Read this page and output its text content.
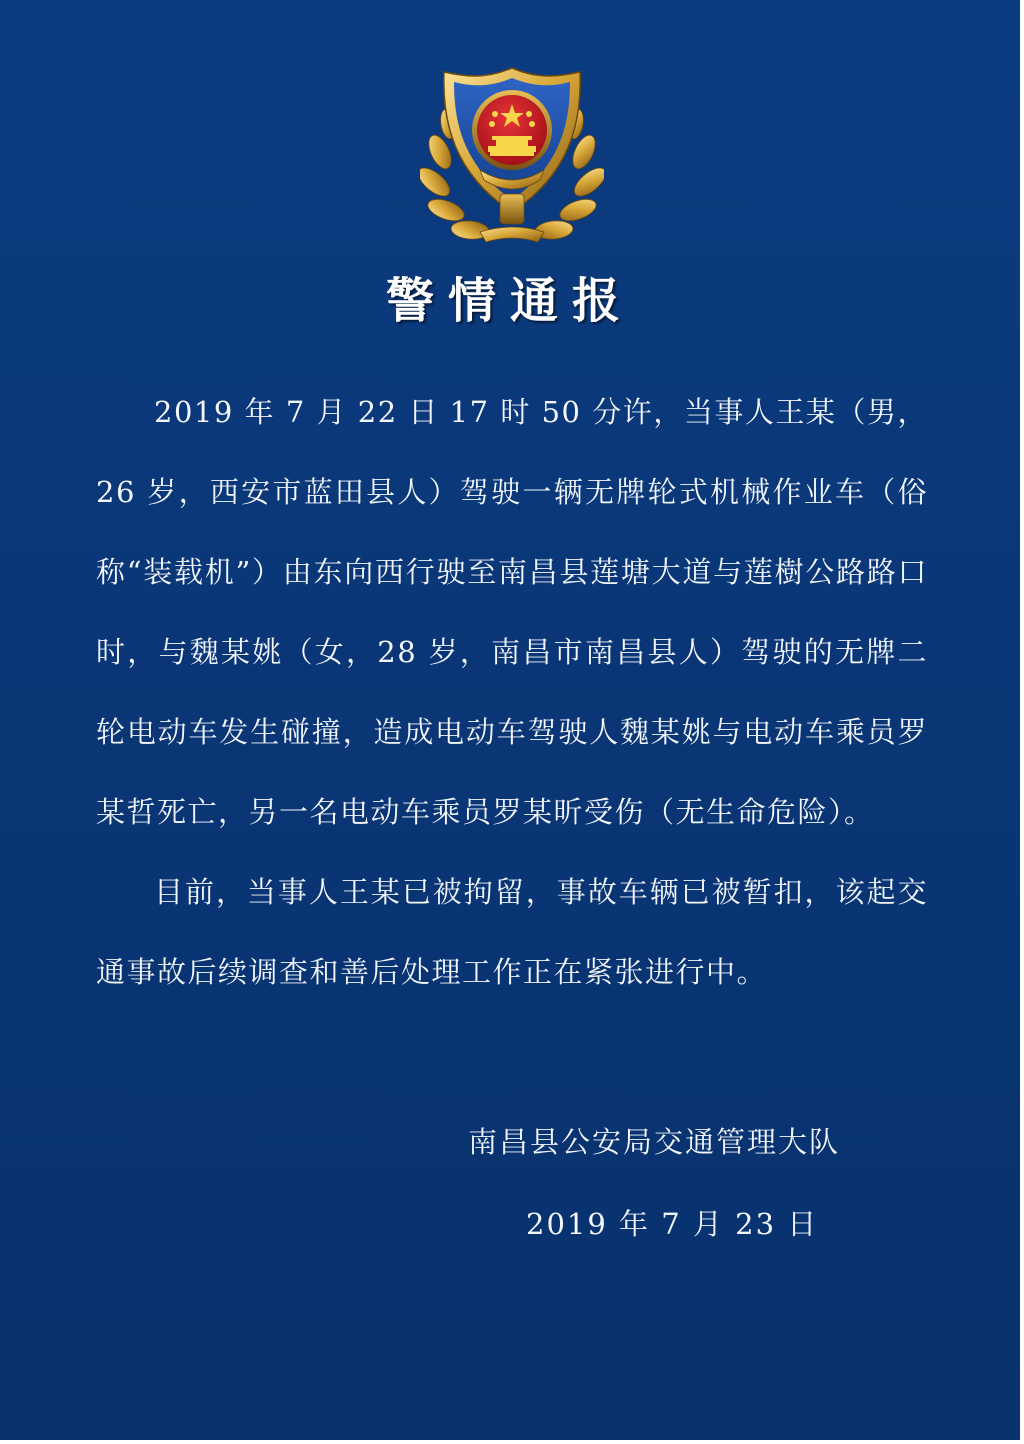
警情通报

2019 年 7 月 22 日 17 时 50 分许，当事人王某（男，26 岁，西安市蓝田县人）驾驶一辆无牌轮式机械作业车（俗称“装载机”）由东向西行驶至南昌县莲塘大道与莲樹公路路口时，与魏某姚（女，28 岁，南昌市南昌县人）驾驶的无牌二轮电动车发生碰撞，造成电动车驾驶人魏某姚与电动车乘员罗某哲死亡，另一名电动车乘员罗某昕受伤（无生命危险）。

目前，当事人王某已被拘留，事故车辆已被暂扣，该起交通事故后续调查和善后处理工作正在紧张进行中。

南昌县公安局交通管理大队
2019 年 7 月 23 日
